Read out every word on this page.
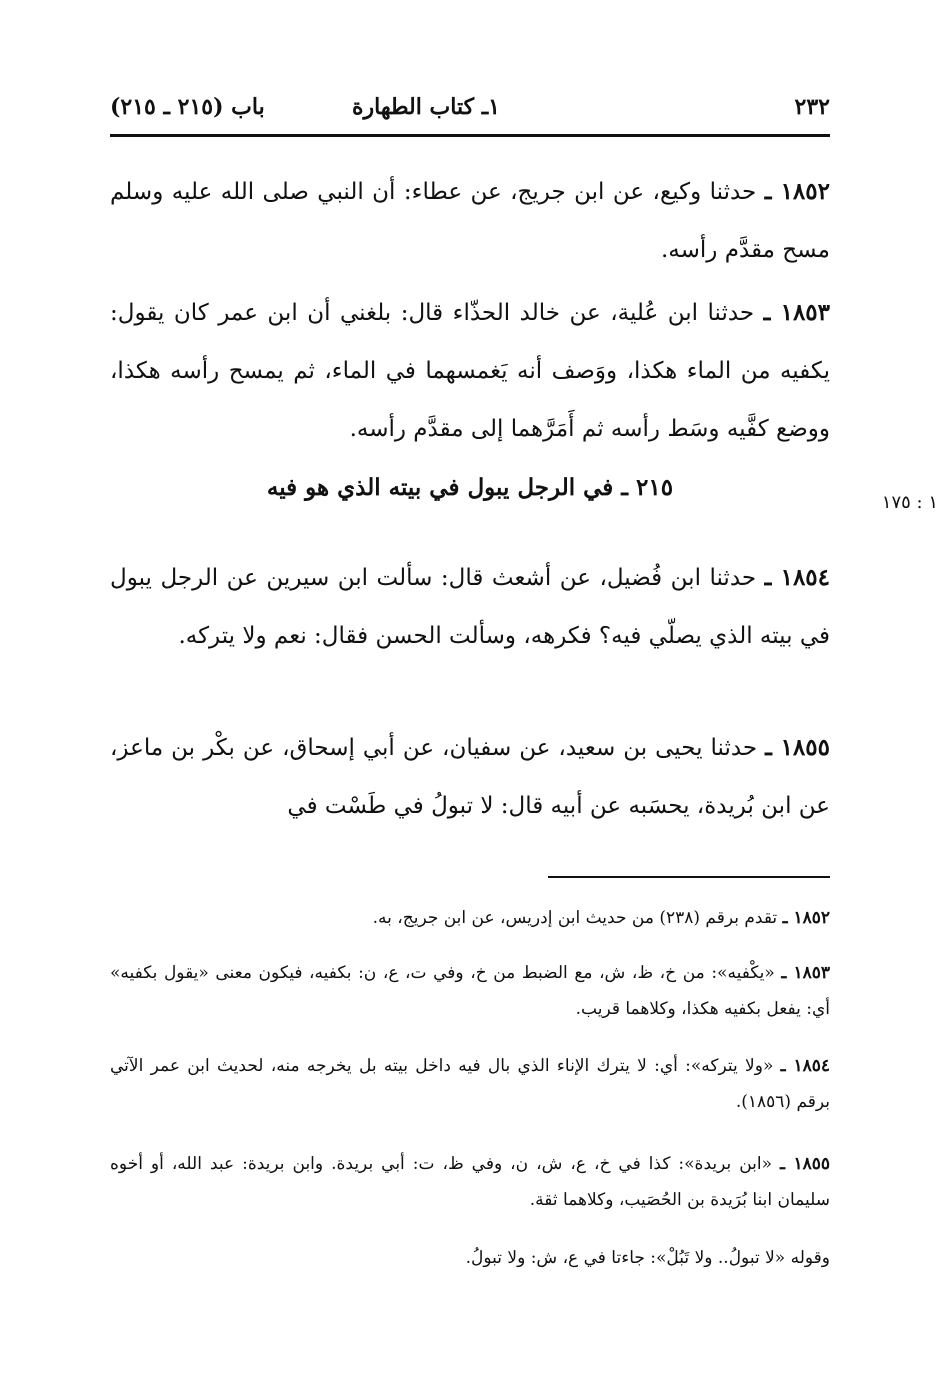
٢٣٢
١ـ كتاب الطهارة
باب (٢١٥ ـ ٢١٥)
١٨٥٢ ـ حدثنا وكيع، عن ابن جريج، عن عطاء: أن النبي صلى الله عليه وسلم مسح مقدَّم رأسه.
١٨٥٣ ـ حدثنا ابن عُلية، عن خالد الحذّاء قال: بلغني أن ابن عمر كان يقول: يكفيه من الماء هكذا، ووَصف أنه يَغمسهما في الماء، ثم يمسح رأسه هكذا، ووضع كفَّيه وسَط رأسه ثم أَمَرَّهما إلى مقدَّم رأسه.
٢١٥ ـ في الرجل يبول في بيته الذي هو فيه
١ : ١٧٥
١٨٥٤ ـ حدثنا ابن فُضيل، عن أشعث قال: سألت ابن سيرين عن الرجل يبول في بيته الذي يصلّي فيه؟ فكرهه، وسألت الحسن فقال: نعم ولا يتركه.
١٨٥٥ ـ حدثنا يحيى بن سعيد، عن سفيان، عن أبي إسحاق، عن بكْر بن ماعز، عن ابن بُريدة، يحسَبه عن أبيه قال: لا تبولُ في طَسْت في
١٨٥٢ ـ تقدم برقم (٢٣٨) من حديث ابن إدريس، عن ابن جريج، به.
١٨٥٣ ـ «يكْفيه»: من خ، ظ، ش، مع الضبط من خ، وفي ت، ع، ن: بكفيه، فيكون معنى «يقول بكفيه» أي: يفعل بكفيه هكذا، وكلاهما قريب.
١٨٥٤ ـ «ولا يتركه»: أي: لا يترك الإناء الذي بال فيه داخل بيته بل يخرجه منه، لحديث ابن عمر الآتي برقم (١٨٥٦).
١٨٥٥ ـ «ابن بريدة»: كذا في خ، ع، ش، ن، وفي ظ، ت: أبي بريدة. وابن بريدة: عبد الله، أو أخوه سليمان ابنا بُرَيدة بن الحُصَيب، وكلاهما ثقة.
وقوله «لا تبولُ.. ولا تَبُلْ»: جاءتا في ع، ش: ولا تبولُ.
